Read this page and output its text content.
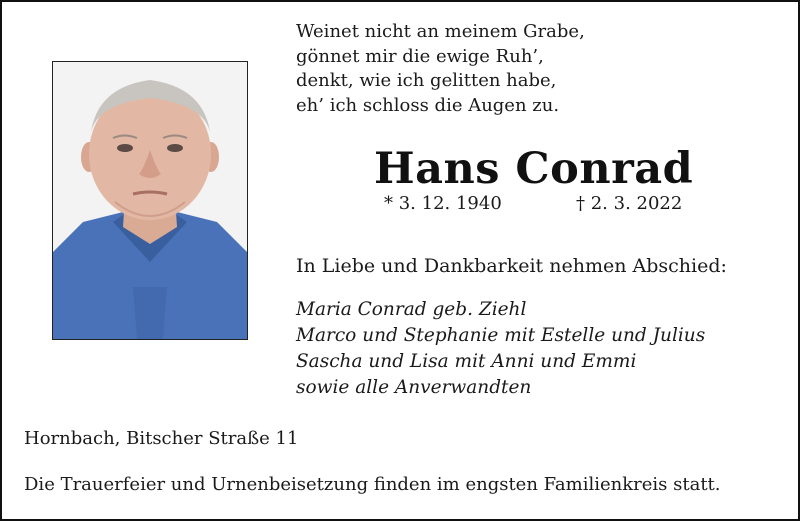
Weinet nicht an meinem Grabe,
gönnet mir die ewige Ruh’,
denkt, wie ich gelitten habe,
eh’ ich schloss die Augen zu.
Hans Conrad
* 3. 12. 1940	† 2. 3. 2022
In Liebe und Dankbarkeit nehmen Abschied:
Maria Conrad geb. Ziehl
Marco und Stephanie mit Estelle und Julius
Sascha und Lisa mit Anni und Emmi
sowie alle Anverwandten
Hornbach, Bitscher Straße 11
Die Trauerfeier und Urnenbeisetzung finden im engsten Familienkreis statt.
